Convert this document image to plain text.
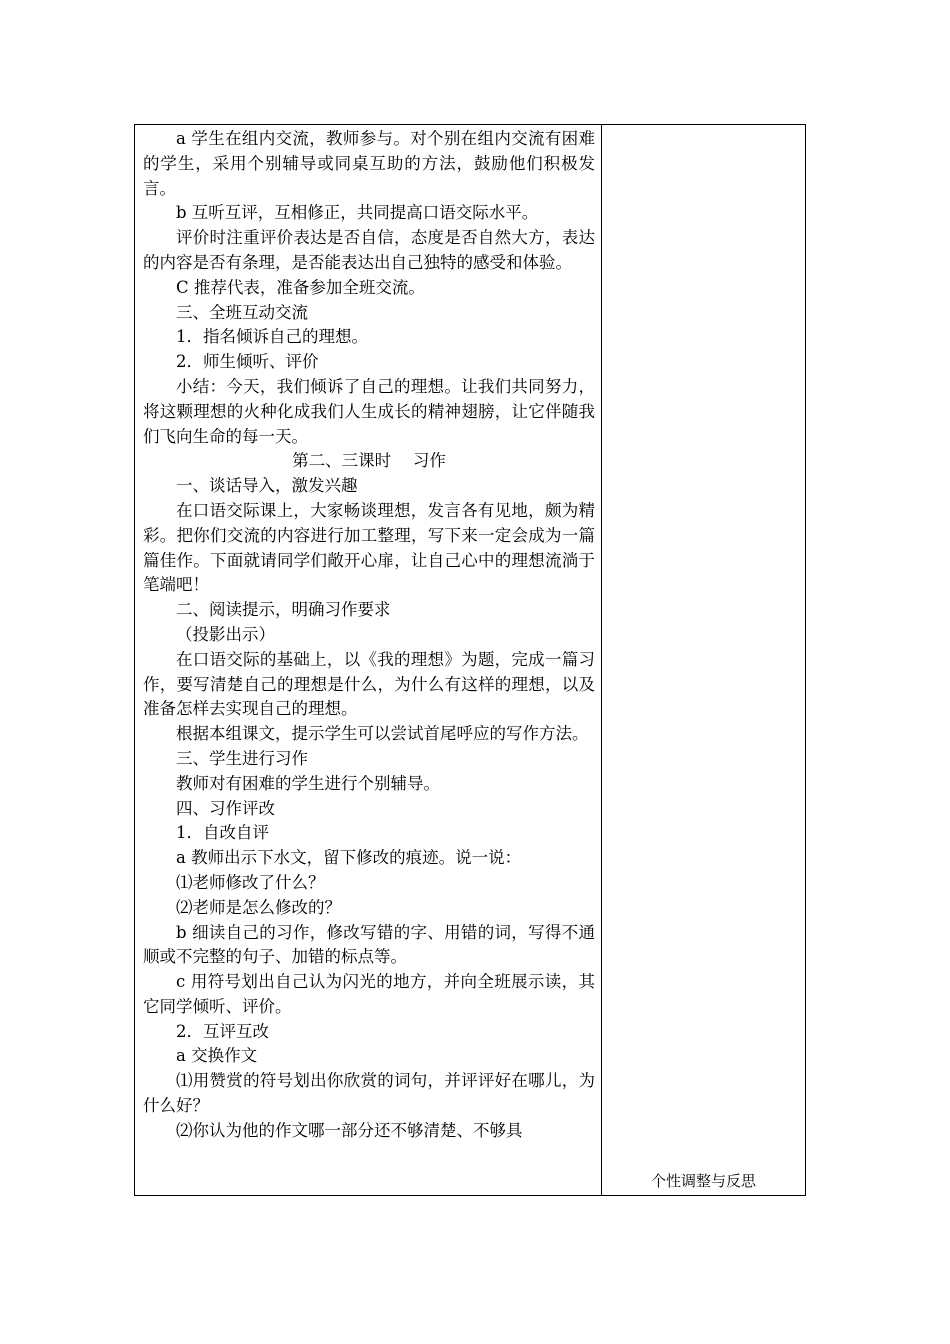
a 学生在组内交流，教师参与。对个别在组内交流有困难的学生，采用个别辅导或同桌互助的方法，鼓励他们积极发言。

b 互听互评，互相修正，共同提高口语交际水平。

评价时注重评价表达是否自信，态度是否自然大方，表达的内容是否有条理，是否能表达出自己独特的感受和体验。

C 推荐代表，准备参加全班交流。

三、全班互动交流

1．指名倾诉自己的理想。

2．师生倾听、评价

小结：今天，我们倾诉了自己的理想。让我们共同努力，将这颗理想的火种化成我们人生成长的精神翅膀，让它伴随我们飞向生命的每一天。

第二、三课时　 习作

一、谈话导入，激发兴趣

在口语交际课上，大家畅谈理想，发言各有见地，颇为精彩。把你们交流的内容进行加工整理，写下来一定会成为一篇篇佳作。下面就请同学们敞开心扉，让自己心中的理想流淌于笔端吧！

二、阅读提示，明确习作要求

（投影出示）

在口语交际的基础上，以《我的理想》为题，完成一篇习作，要写清楚自己的理想是什么，为什么有这样的理想，以及准备怎样去实现自己的理想。

根据本组课文，提示学生可以尝试首尾呼应的写作方法。

三、学生进行习作

教师对有困难的学生进行个别辅导。

四、习作评改

1．自改自评

a 教师出示下水文，留下修改的痕迹。说一说：

⑴老师修改了什么？

⑵老师是怎么修改的？

b 细读自己的习作，修改写错的字、用错的词，写得不通顺或不完整的句子、加错的标点等。

c 用符号划出自己认为闪光的地方，并向全班展示读，其它同学倾听、评价。

2．互评互改

a 交换作文

⑴用赞赏的符号划出你欣赏的词句，并评评好在哪儿，为什么好？

⑵你认为他的作文哪一部分还不够清楚、不够具

个性调整与反思
